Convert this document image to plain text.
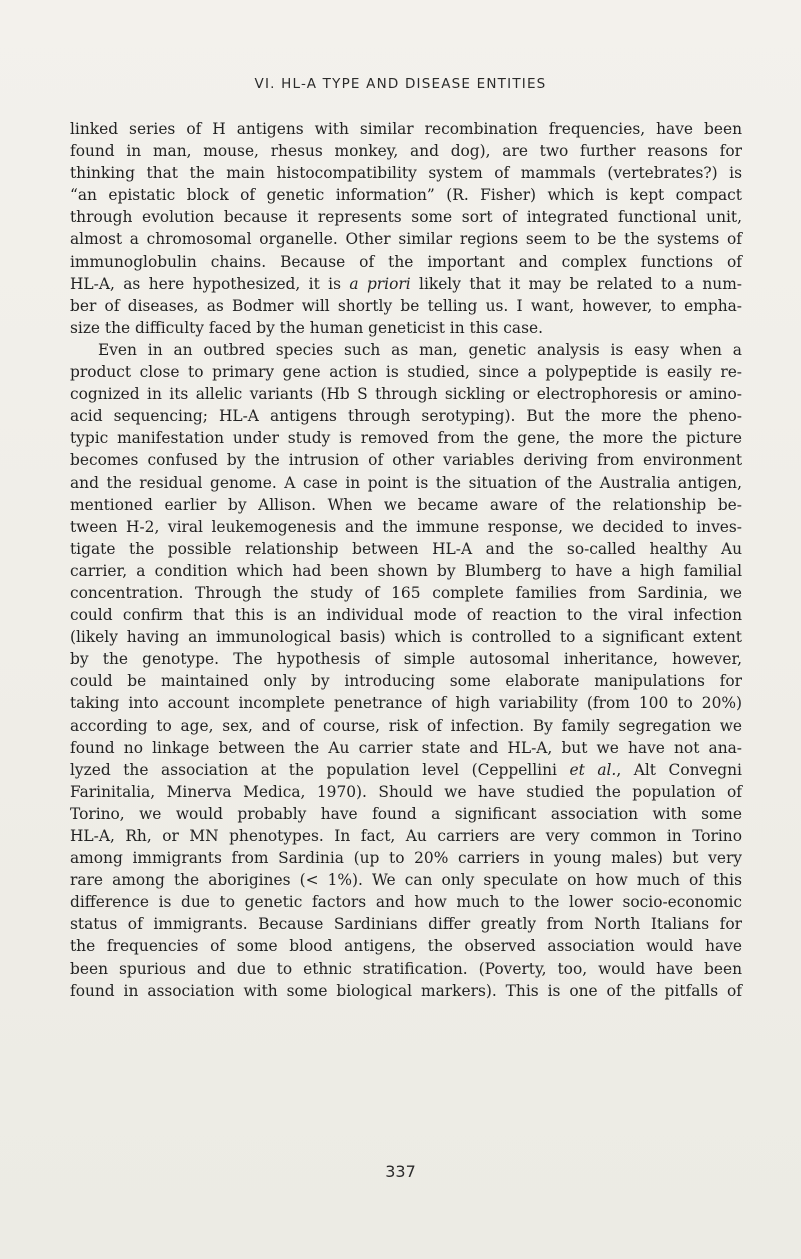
VI. HL-A TYPE AND DISEASE ENTITIES
linked series of H antigens with similar recombination frequencies, have been
found in man, mouse, rhesus monkey, and dog), are two further reasons for
thinking that the main histocompatibility system of mammals (vertebrates?) is
“an epistatic block of genetic information” (R. Fisher) which is kept compact
through evolution because it represents some sort of integrated functional unit,
almost a chromosomal organelle. Other similar regions seem to be the systems of
immunoglobulin chains. Because of the important and complex functions of
HL-A, as here hypothesized, it is a priori likely that it may be related to a num-
ber of diseases, as Bodmer will shortly be telling us. I want, however, to empha-
size the difficulty faced by the human geneticist in this case.
Even in an outbred species such as man, genetic analysis is easy when a
product close to primary gene action is studied, since a polypeptide is easily re-
cognized in its allelic variants (Hb S through sickling or electrophoresis or amino-
acid sequencing; HL-A antigens through serotyping). But the more the pheno-
typic manifestation under study is removed from the gene, the more the picture
becomes confused by the intrusion of other variables deriving from environment
and the residual genome. A case in point is the situation of the Australia antigen,
mentioned earlier by Allison. When we became aware of the relationship be-
tween H-2, viral leukemogenesis and the immune response, we decided to inves-
tigate the possible relationship between HL-A and the so-called healthy Au
carrier, a condition which had been shown by Blumberg to have a high familial
concentration. Through the study of 165 complete families from Sardinia, we
could confirm that this is an individual mode of reaction to the viral infection
(likely having an immunological basis) which is controlled to a significant extent
by the genotype. The hypothesis of simple autosomal inheritance, however,
could be maintained only by introducing some elaborate manipulations for
taking into account incomplete penetrance of high variability (from 100 to 20%)
according to age, sex, and of course, risk of infection. By family segregation we
found no linkage between the Au carrier state and HL-A, but we have not ana-
lyzed the association at the population level (Ceppellini et al., Alt Convegni
Farinitalia, Minerva Medica, 1970). Should we have studied the population of
Torino, we would probably have found a significant association with some
HL-A, Rh, or MN phenotypes. In fact, Au carriers are very common in Torino
among immigrants from Sardinia (up to 20% carriers in young males) but very
rare among the aborigines (< 1%). We can only speculate on how much of this
difference is due to genetic factors and how much to the lower socio-economic
status of immigrants. Because Sardinians differ greatly from North Italians for
the frequencies of some blood antigens, the observed association would have
been spurious and due to ethnic stratification. (Poverty, too, would have been
found in association with some biological markers). This is one of the pitfalls of
337
